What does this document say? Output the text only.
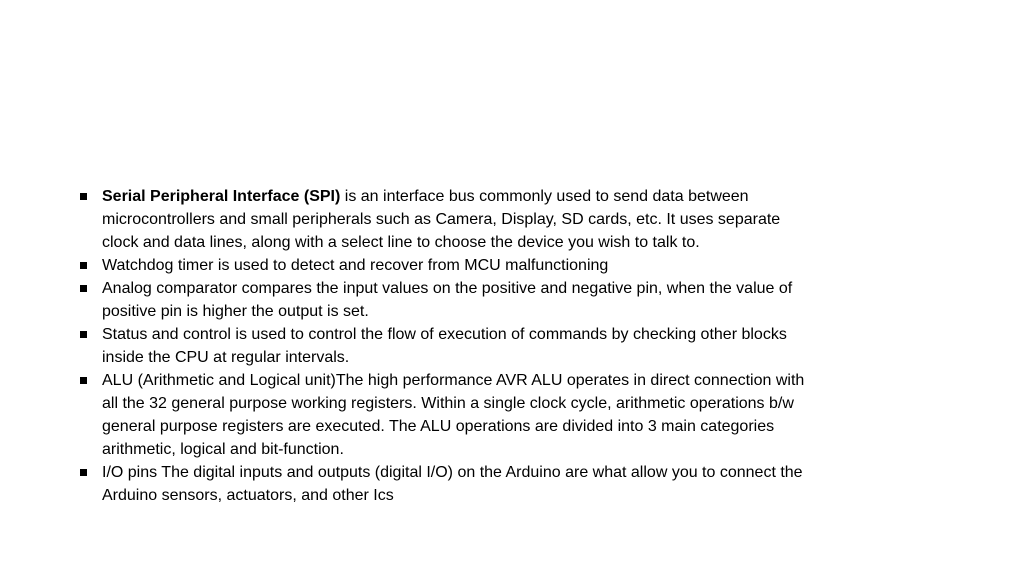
Serial Peripheral Interface (SPI) is an interface bus commonly used to send data between microcontrollers and small peripherals such as Camera, Display, SD cards, etc. It uses separate clock and data lines, along with a select line to choose the device you wish to talk to.
Watchdog timer is used to detect and recover from MCU malfunctioning
Analog comparator compares the input values on the positive and negative pin, when the value of positive pin is higher the output is set.
Status and control is used to control the flow of execution of commands by checking other blocks inside the CPU at regular intervals.
ALU (Arithmetic and Logical unit)The high performance AVR ALU operates in direct connection with all the 32 general purpose working registers. Within a single clock cycle, arithmetic operations b/w general purpose registers are executed. The ALU operations are divided into 3 main categories arithmetic, logical and bit-function.
I/O pins The digital inputs and outputs (digital I/O) on the Arduino are what allow you to connect the Arduino sensors, actuators, and other Ics
